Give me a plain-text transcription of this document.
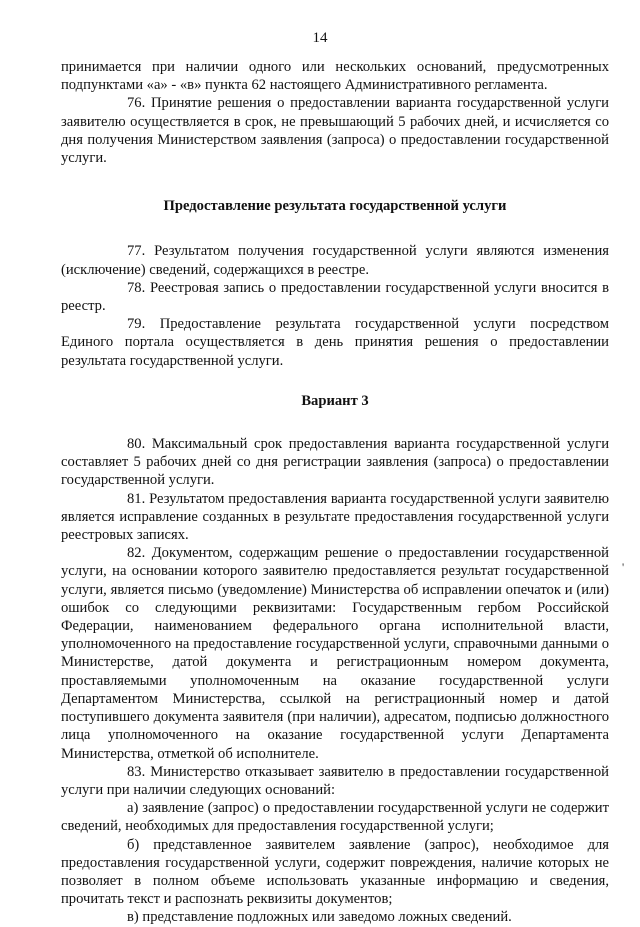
14

принимается при наличии одного или нескольких оснований, предусмотренных подпунктами «а» - «в» пункта 62 настоящего Административного регламента.

76. Принятие решения о предоставлении варианта государственной услуги заявителю осуществляется в срок, не превышающий 5 рабочих дней, и исчисляется со дня получения Министерством заявления (запроса) о предоставлении государственной услуги.

Предоставление результата государственной услуги

77. Результатом получения государственной услуги являются изменения (исключение) сведений, содержащихся в реестре.

78. Реестровая запись о предоставлении государственной услуги вносится в реестр.

79. Предоставление результата государственной услуги посредством Единого портала осуществляется в день принятия решения о предоставлении результата государственной услуги.

Вариант 3

80. Максимальный срок предоставления варианта государственной услуги составляет 5 рабочих дней со дня регистрации заявления (запроса) о предоставлении государственной услуги.

81. Результатом предоставления варианта государственной услуги заявителю является исправление созданных в результате предоставления государственной услуги реестровых записях.

82. Документом, содержащим решение о предоставлении государственной услуги, на основании которого заявителю предоставляется результат государственной услуги, является письмо (уведомление) Министерства об исправлении опечаток и (или) ошибок со следующими реквизитами: Государственным гербом Российской Федерации, наименованием федерального органа исполнительной власти, уполномоченного на предоставление государственной услуги, справочными данными о Министерстве, датой документа и регистрационным номером документа, проставляемыми уполномоченным на оказание государственной услуги Департаментом Министерства, ссылкой на регистрационный номер и датой поступившего документа заявителя (при наличии), адресатом, подписью должностного лица уполномоченного на оказание государственной услуги Департамента Министерства, отметкой об исполнителе.

83. Министерство отказывает заявителю в предоставлении государственной услуги при наличии следующих оснований:

а) заявление (запрос) о предоставлении государственной услуги не содержит сведений, необходимых для предоставления государственной услуги;

б) представленное заявителем заявление (запрос), необходимое для предоставления государственной услуги, содержит повреждения, наличие которых не позволяет в полном объеме использовать указанные информацию и сведения, прочитать текст и распознать реквизиты документов;

в) представление подложных или заведомо ложных сведений.

'
